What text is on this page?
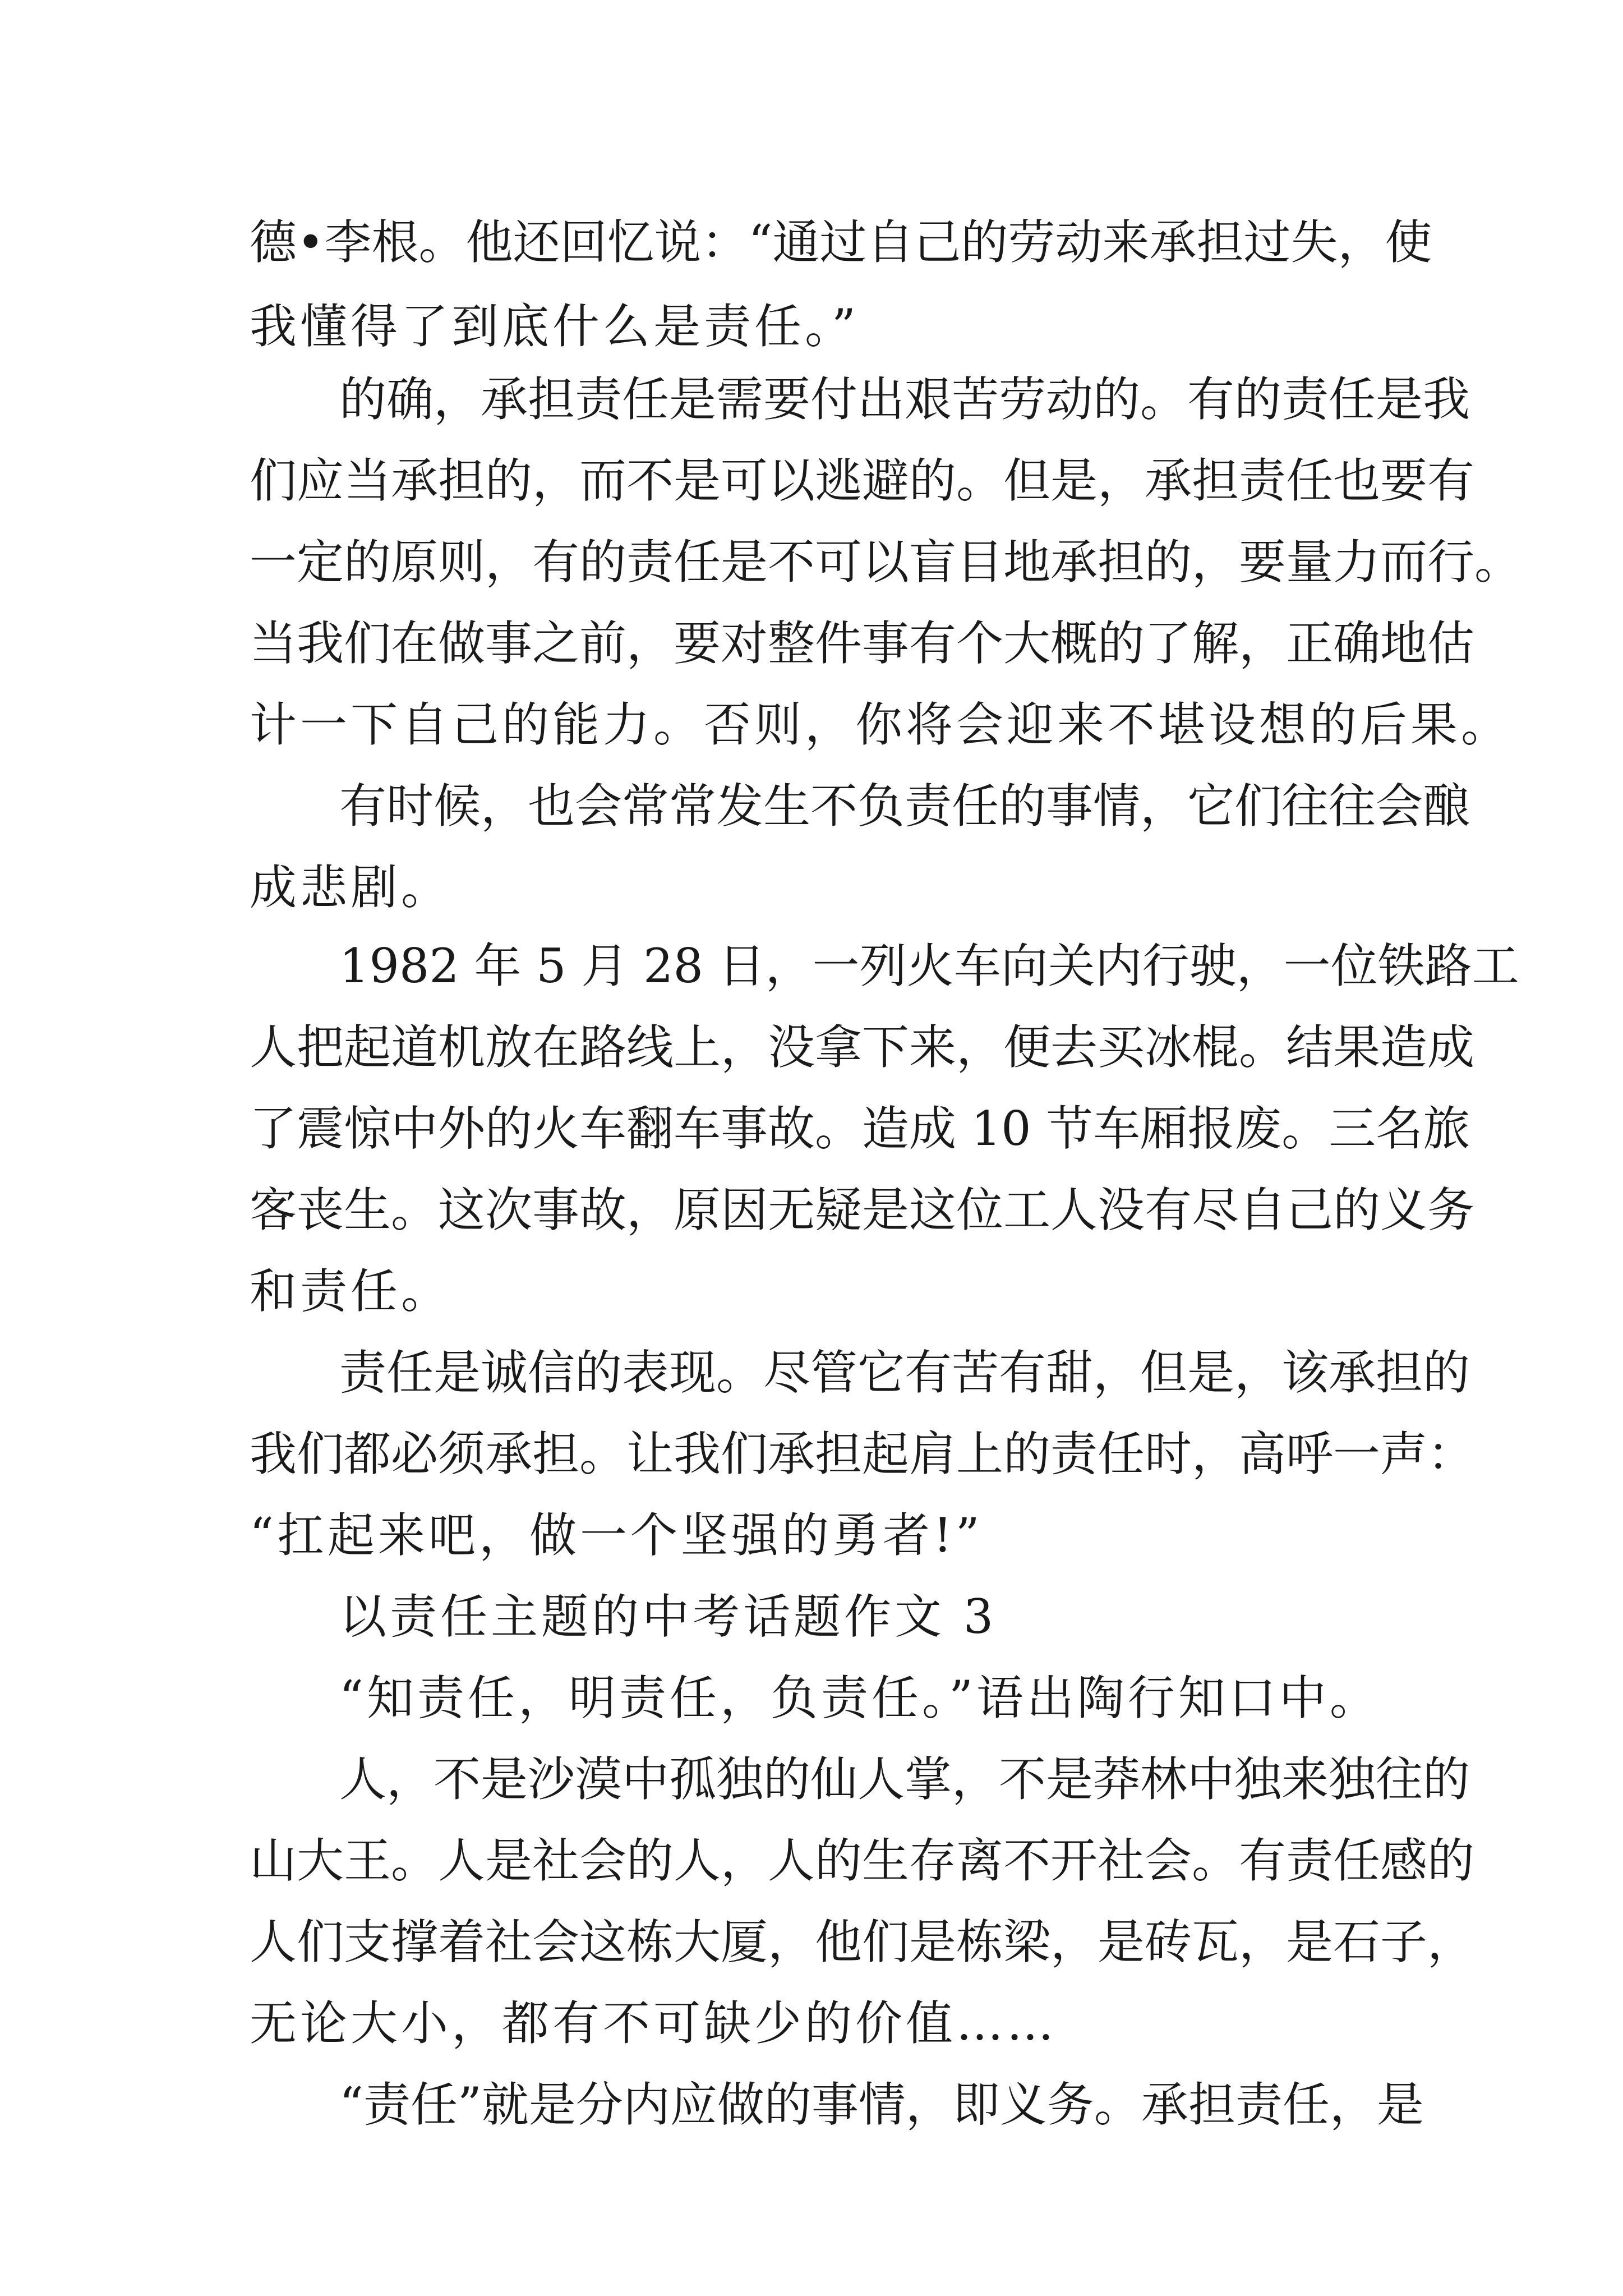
德•李根。他还回忆说：“通过自己的劳动来承担过失，使
我懂得了到底什么是责任。”
的确，承担责任是需要付出艰苦劳动的。有的责任是我
们应当承担的，而不是可以逃避的。但是，承担责任也要有
一定的原则，有的责任是不可以盲目地承担的，要量力而行。
当我们在做事之前，要对整件事有个大概的了解，正确地估
计一下自己的能力。否则，你将会迎来不堪设想的后果。
有时候，也会常常发生不负责任的事情，它们往往会酿
成悲剧。
1982 年 5 月 28 日，一列火车向关内行驶，一位铁路工
人把起道机放在路线上，没拿下来，便去买冰棍。结果造成
了震惊中外的火车翻车事故。造成 10 节车厢报废。三名旅
客丧生。这次事故，原因无疑是这位工人没有尽自己的义务
和责任。
责任是诚信的表现。尽管它有苦有甜，但是，该承担的
我们都必须承担。让我们承担起肩上的责任时，高呼一声：
“扛起来吧，做一个坚强的勇者!”
以责任主题的中考话题作文 3
“知责任，明责任，负责任。”语出陶行知口中。
人，不是沙漠中孤独的仙人掌，不是莽林中独来独往的
山大王。人是社会的人，人的生存离不开社会。有责任感的
人们支撑着社会这栋大厦，他们是栋梁，是砖瓦，是石子，
无论大小，都有不可缺少的价值……
“责任”就是分内应做的事情，即义务。承担责任，是
